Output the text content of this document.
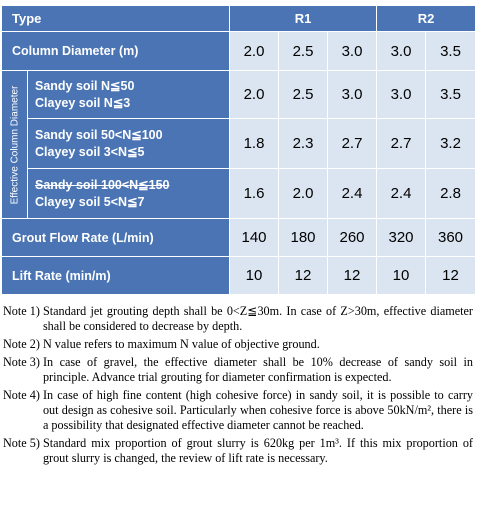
Type		R1			R2	
Column Diameter (m)		2.0	2.5	3.0	3.0	3.5

Effective Column Diameter	Sandy soil N≦50
Clayey soil N≦3	2.0	2.5	3.0	3.0	3.5

	Sandy soil 50<N≦100
Clayey soil 3<N≦5	1.8	2.3	2.7	2.7	3.2

	Sandy soil 100<N≦150
Clayey soil 5<N≦7	1.6	2.0	2.4	2.4	2.8
Grout Flow Rate (L/min)		140	180	260	320	360
Lift Rate (min/m)		10	12	12	10	12
Note 1) Standard jet grouting depth shall be 0<Z≦30m. In case of Z>30m, effective diameter shall be considered to decrease by depth.
Note 2) N value refers to maximum N value of objective ground.
Note 3) In case of gravel, the effective diameter shall be 10% decrease of sandy soil in principle. Advance trial grouting for diameter confirmation is expected.
Note 4) In case of high fine content (high cohesive force) in sandy soil, it is possible to carry out design as cohesive soil. Particularly when cohesive force is above 50kN/m², there is a possibility that designated effective diameter cannot be reached.
Note 5) Standard mix proportion of grout slurry is 620kg per 1m³. If this mix proportion of grout slurry is changed, the review of lift rate is necessary.
